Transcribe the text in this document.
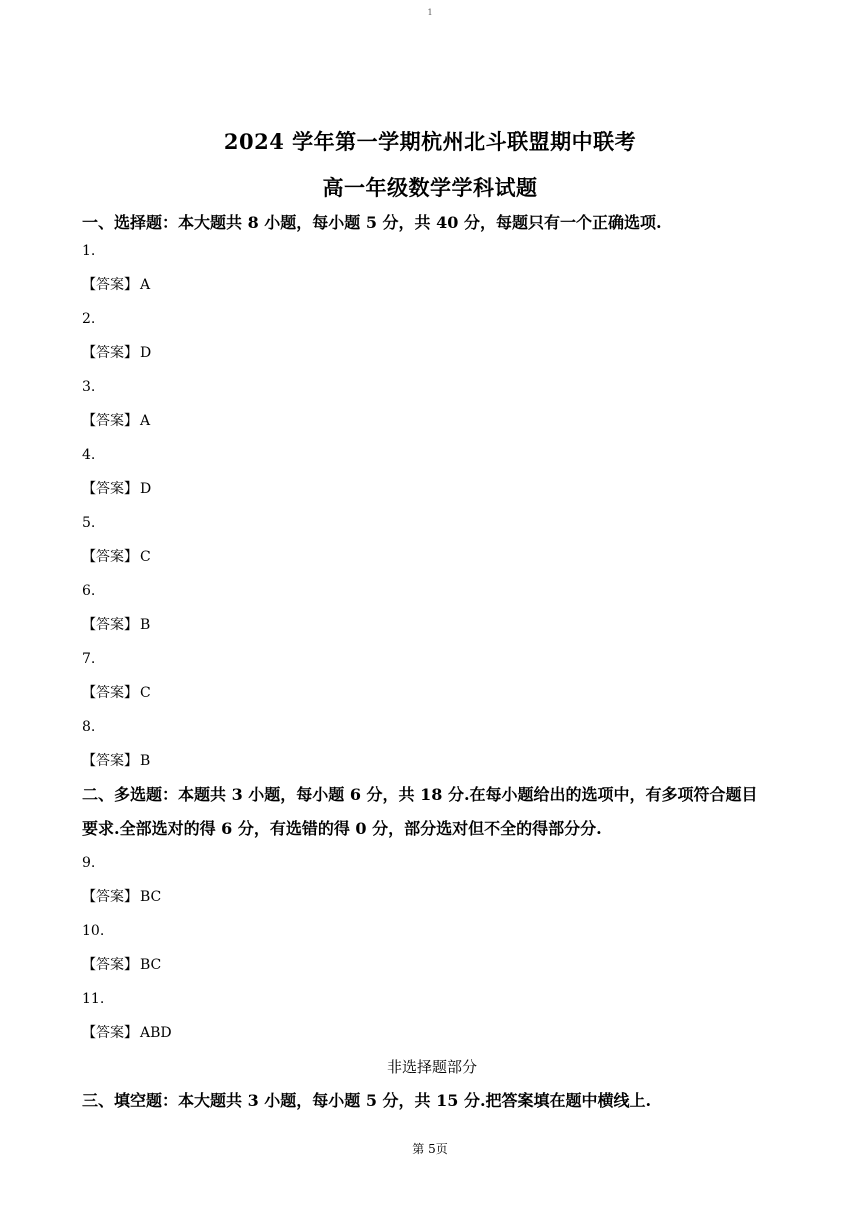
1
2024 学年第一学期杭州北斗联盟期中联考
高一年级数学学科试题

一、选择题：本大题共 8 小题，每小题 5 分，共 40 分，每题只有一个正确选项.

1.

【答案】 A

2.

【答案】 D

3.

【答案】 A

4.

【答案】 D

5.

【答案】 C

6.

【答案】 B

7.

【答案】 C

8.

【答案】 B

二、多选题：本题共 3 小题，每小题 6 分，共 18 分.在每小题给出的选项中，有多项符合题目

要求.全部选对的得 6 分，有选错的得 0 分，部分选对但不全的得部分分.

9.

【答案】 BC

10.

【答案】 BC

11.

【答案】 ABD

非选择题部分

三、填空题：本大题共 3 小题，每小题 5 分，共 15 分.把答案填在题中横线上.

第 5页
